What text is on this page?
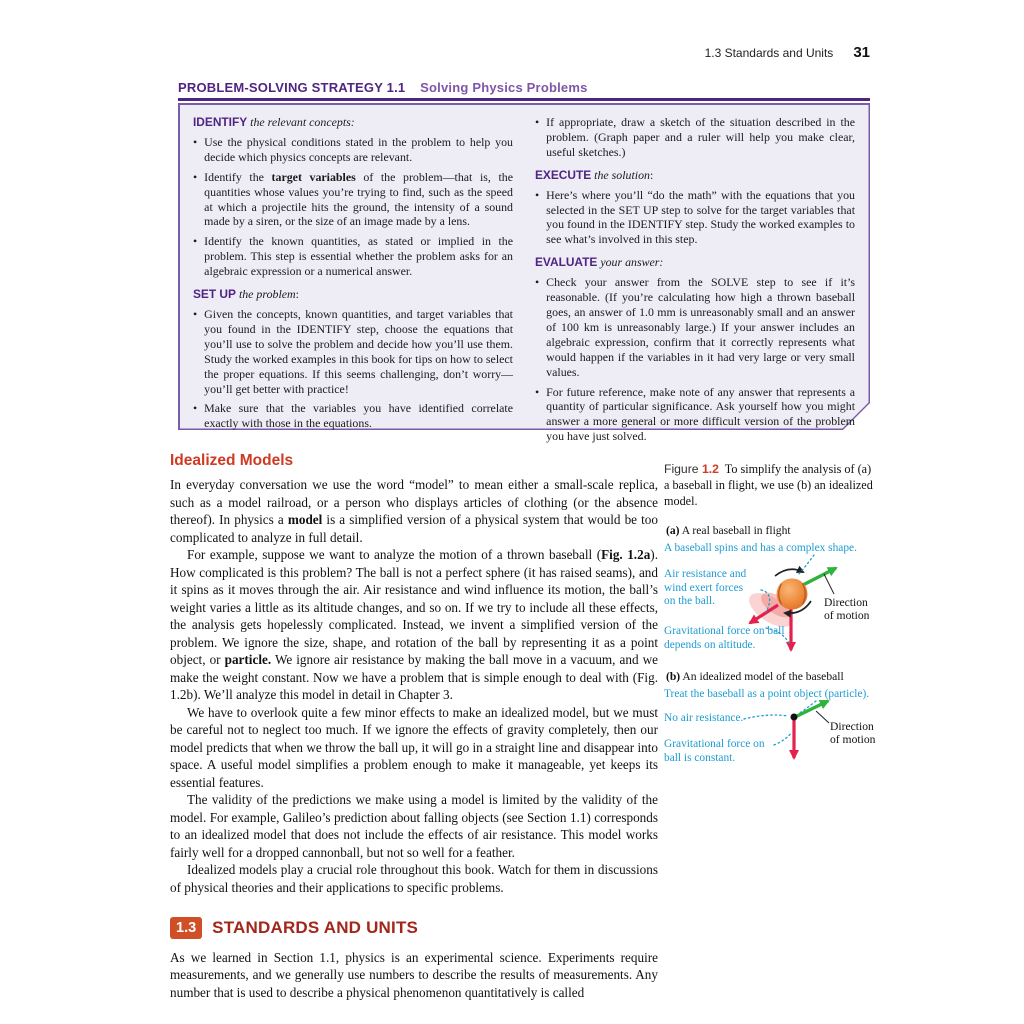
1.3 Standards and Units 31
PROBLEM-SOLVING STRATEGY 1.1 Solving Physics Problems
IDENTIFY the relevant concepts:
• Use the physical conditions stated in the problem to help you decide which physics concepts are relevant.
• Identify the target variables of the problem—that is, the quantities whose values you’re trying to find, such as the speed at which a projectile hits the ground, the intensity of a sound made by a siren, or the size of an image made by a lens.
• Identify the known quantities, as stated or implied in the problem. This step is essential whether the problem asks for an algebraic expression or a numerical answer.
SET UP the problem:
• Given the concepts, known quantities, and target variables that you found in the IDENTIFY step, choose the equations that you’ll use to solve the problem and decide how you’ll use them. Study the worked examples in this book for tips on how to select the proper equations. If this seems challenging, don’t worry—you’ll get better with practice!
• Make sure that the variables you have identified correlate exactly with those in the equations.
• If appropriate, draw a sketch of the situation described in the problem. (Graph paper and a ruler will help you make clear, useful sketches.)
EXECUTE the solution:
• Here’s where you’ll “do the math” with the equations that you selected in the SET UP step to solve for the target variables that you found in the IDENTIFY step. Study the worked examples to see what’s involved in this step.
EVALUATE your answer:
• Check your answer from the SOLVE step to see if it’s reasonable. (If you’re calculating how high a thrown baseball goes, an answer of 1.0 mm is unreasonably small and an answer of 100 km is unreasonably large.) If your answer includes an algebraic expression, confirm that it correctly represents what would happen if the variables in it had very large or very small values.
• For future reference, make note of any answer that represents a quantity of particular significance. Ask yourself how you might answer a more general or more difficult version of the problem you have just solved.
Idealized Models

In everyday conversation we use the word “model” to mean either a small-scale replica, such as a model railroad, or a person who displays articles of clothing (or the absence thereof). In physics a model is a simplified version of a physical system that would be too complicated to analyze in full detail.

For example, suppose we want to analyze the motion of a thrown baseball (Fig. 1.2a). How complicated is this problem? The ball is not a perfect sphere (it has raised seams), and it spins as it moves through the air. Air resistance and wind influence its motion, the ball’s weight varies a little as its altitude changes, and so on. If we try to include all these effects, the analysis gets hopelessly complicated. Instead, we invent a simplified version of the problem. We ignore the size, shape, and rotation of the ball by representing it as a point object, or particle. We ignore air resistance by making the ball move in a vacuum, and we make the weight constant. Now we have a problem that is simple enough to deal with (Fig. 1.2b). We’ll analyze this model in detail in Chapter 3.

We have to overlook quite a few minor effects to make an idealized model, but we must be careful not to neglect too much. If we ignore the effects of gravity completely, then our model predicts that when we throw the ball up, it will go in a straight line and disappear into space. A useful model simplifies a problem enough to make it manageable, yet keeps its essential features.

The validity of the predictions we make using a model is limited by the validity of the model. For example, Galileo’s prediction about falling objects (see Section 1.1) corresponds to an idealized model that does not include the effects of air resistance. This model works fairly well for a dropped cannonball, but not so well for a feather.

Idealized models play a crucial role throughout this book. Watch for them in discussions of physical theories and their applications to specific problems.

1.3 STANDARDS AND UNITS

As we learned in Section 1.1, physics is an experimental science. Experiments require measurements, and we generally use numbers to describe the results of measurements. Any number that is used to describe a physical phenomenon quantitatively is called

Figure 1.2  To simplify the analysis of (a) a baseball in flight, we use (b) an idealized model.
(a) A real baseball in flight
A baseball spins and has a complex shape.
Air resistance and wind exert forces on the ball.	Direction of motion
Gravitational force on ball depends on altitude.
(b) An idealized model of the baseball
Treat the baseball as a point object (particle).
No air resistance.
Direction of motion
Gravitational force on ball is constant.
